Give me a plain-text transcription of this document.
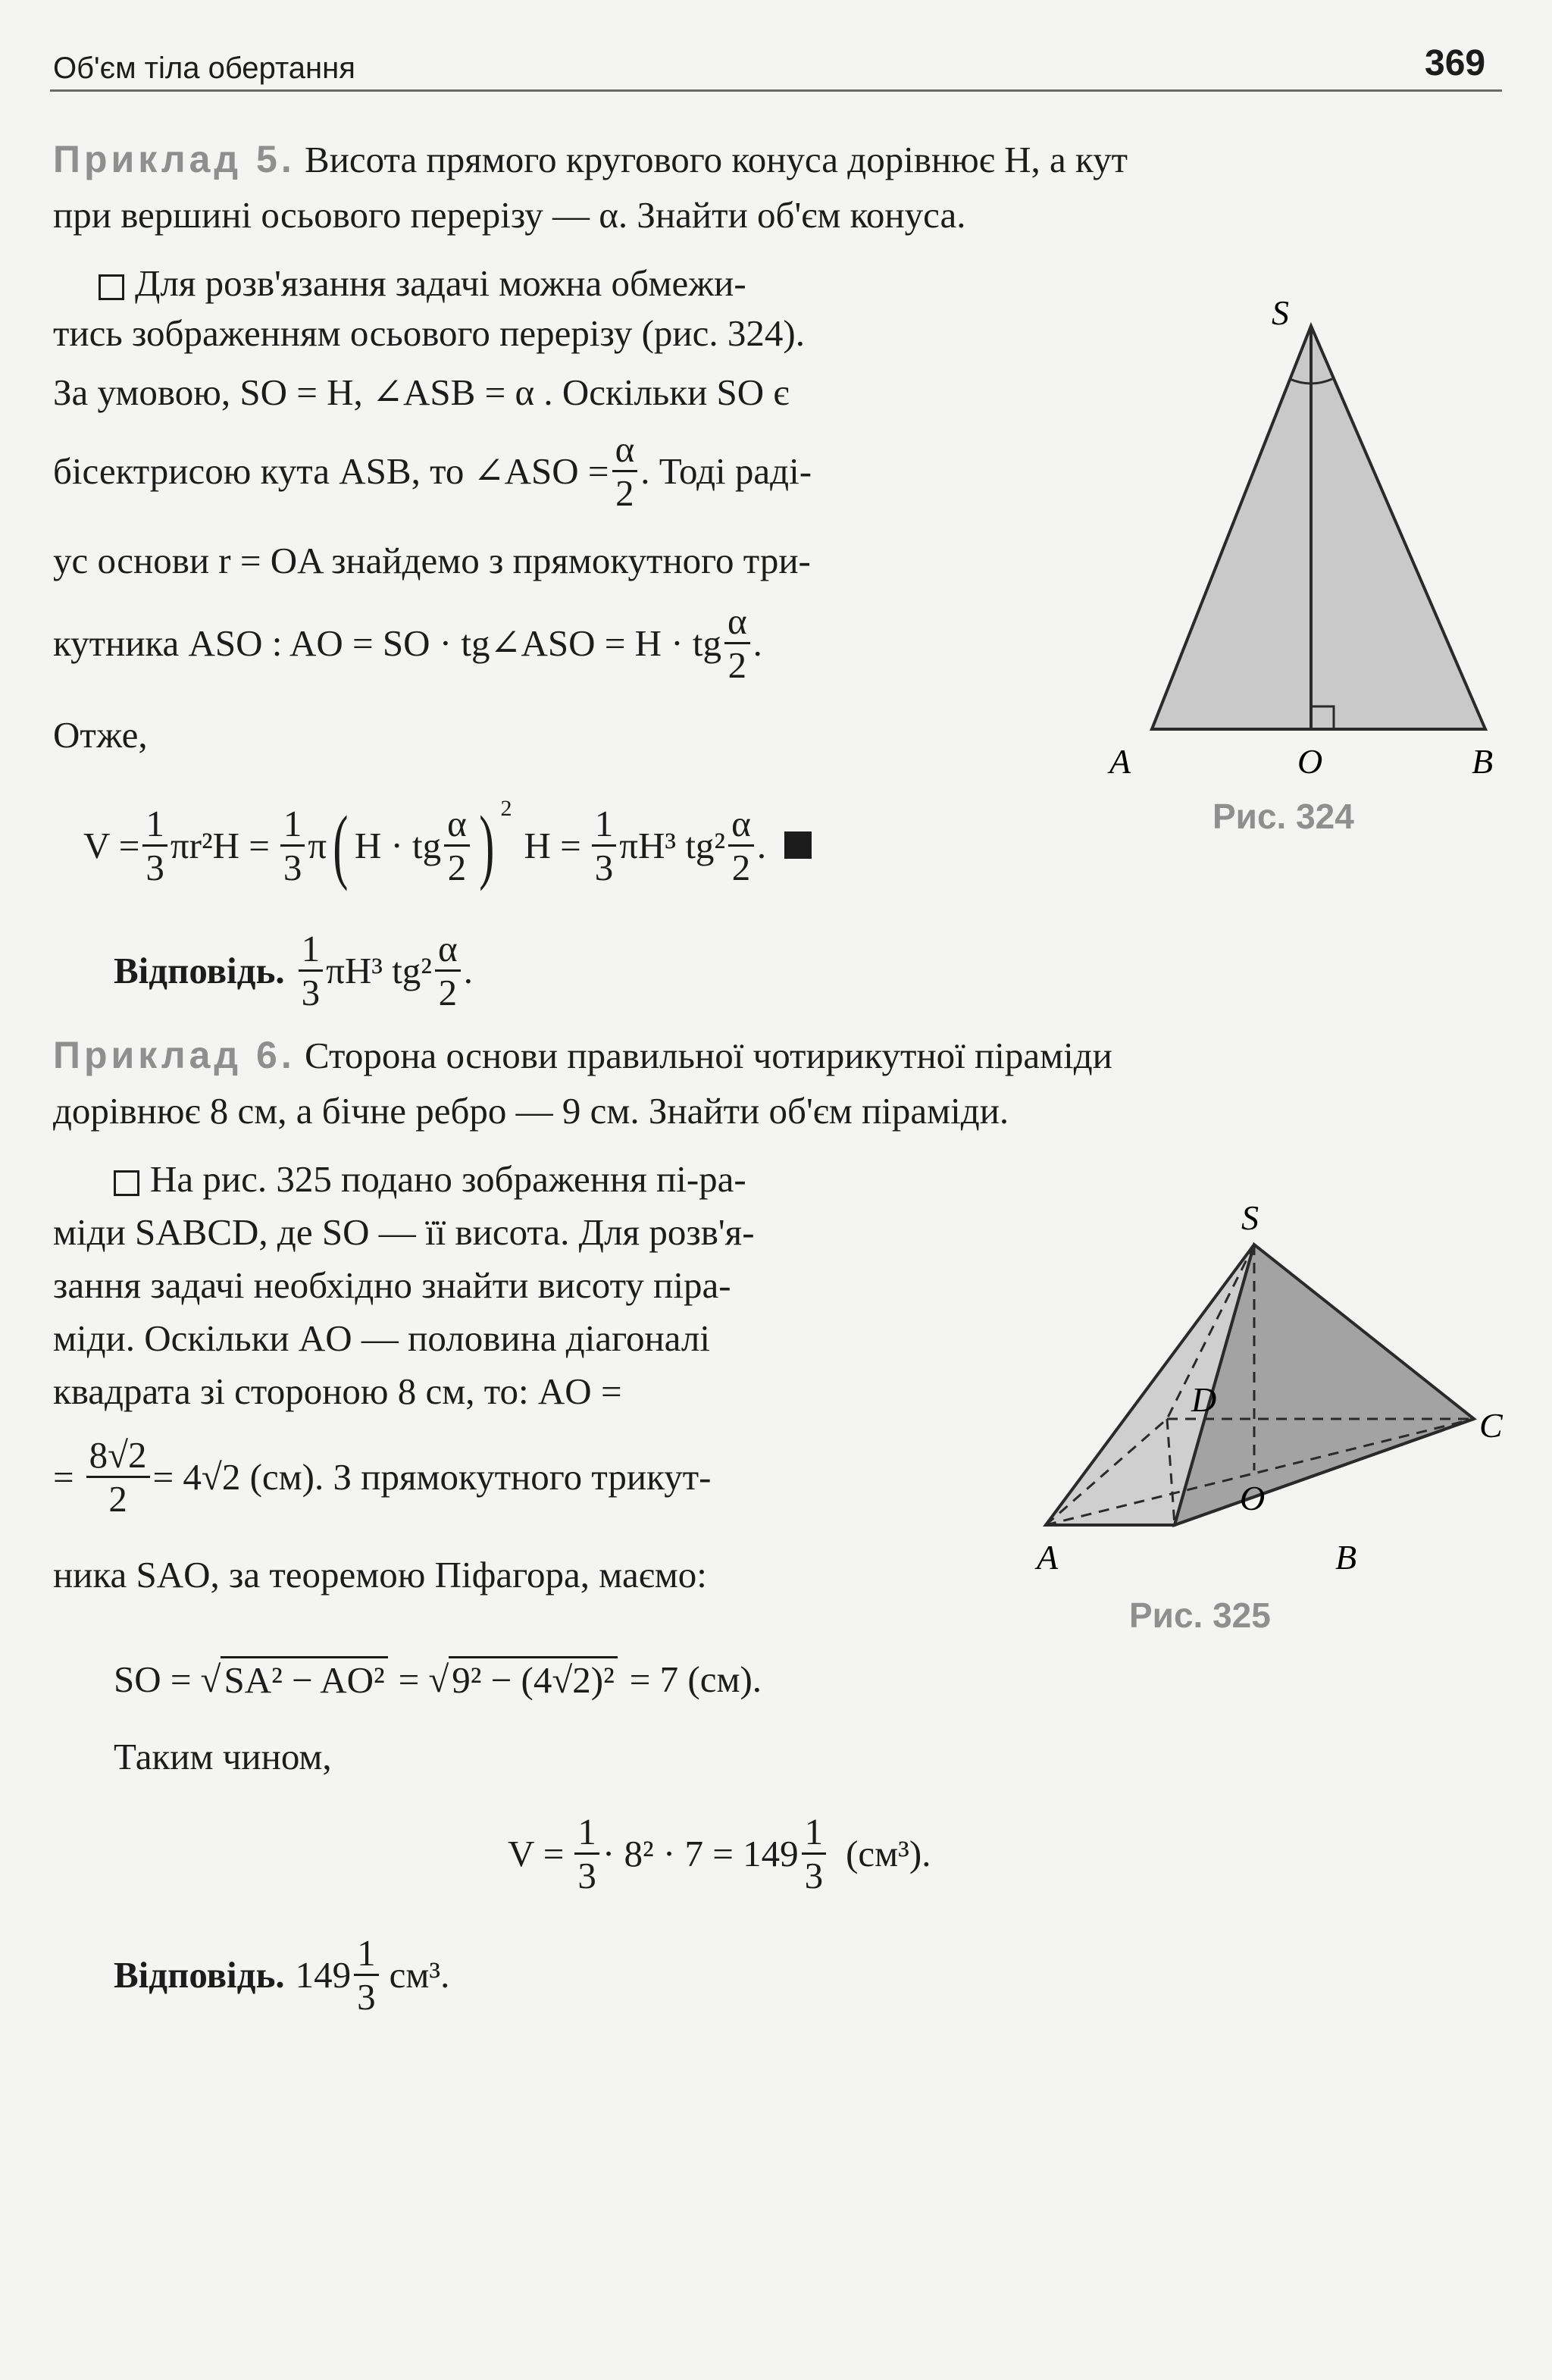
Об'єм тіла обертання	369
Приклад 5. Висота прямого кругового конуса дорівнює H, а кут
при вершині осьового перерізу — α. Знайти об'єм конуса.
Для розв'язання задачі можна обмежи-
тись зображенням осьового перерізу (рис. 324).
За умовою, SO = H, ∠ASB = α . Оскільки SO є
бісектрисою кута ASB, то ∠ASO = $\frac{\alpha}{2}$ . Тоді раді-
ус основи r = OA знайдемо з прямокутного три-
кутника ASO : AO = SO · tg∠ASO = H · tg $\frac{\alpha}{2}$ .
Отже,
$V = \frac{1}{3} \pi r^2H = \frac{1}{3}$ π ( H · tg $\frac{\alpha}{2}$ ) $^2$
$H = \frac{1}{3} \pi H^3$ $tg^2 \frac{\alpha}{2}$ .
Відповідь. $\frac{1}{3} \pi H^3$ $tg^2 \frac{\alpha}{2}$ .
S
A	O	B
Рис. 324
Приклад 6. Сторона основи правильної чотирикутної піраміди
дорівнює 8 см, а бічне ребро — 9 см. Знайти об'єм піраміди.
На рис. 325 подано зображення пі-ра-
міди SABCD, де SO — її висота. Для розв'я-
зання задачі необхідно знайти висоту піра-
міди. Оскільки AO — половина діагоналі
квадрата зі стороною 8 см, то: AO =
= $\frac{8√2}{2} = 4√2$ (см). З прямокутного трикут-
ника SAO, за теоремою Піфагора, маємо:
SO = √ SA² − AO² = √ 9² − (4√2)² = 7 (см).
Таким чином,
$V = \frac{1}{3} \cdot 8^2 \cdot 7 = 149 \frac{1}{3} (см^3)$.
Відповідь. $149 \frac{1}{3} см^3$.
S
D
C
O
A	B
Рис. 325
